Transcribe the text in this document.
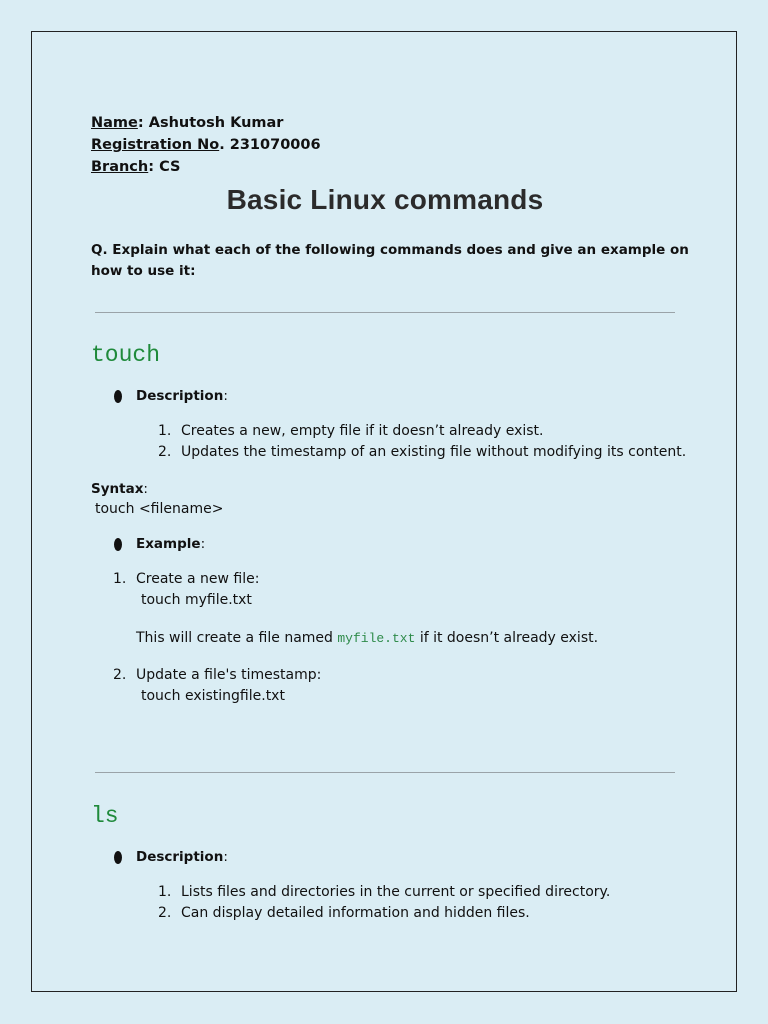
Name: Ashutosh Kumar
Registration No. 231070006
Branch: CS
Basic Linux commands
Q. Explain what each of the following commands does and give an example on how to use it:
touch
Description:
1. Creates a new, empty file if it doesn’t already exist.
2. Updates the timestamp of an existing file without modifying its content.
Syntax:
touch <filename>
Example:
1. Create a new file:
touch myfile.txt
This will create a file named myfile.txt if it doesn’t already exist.
2. Update a file's timestamp:
touch existingfile.txt
ls
Description:
1. Lists files and directories in the current or specified directory.
2. Can display detailed information and hidden files.
